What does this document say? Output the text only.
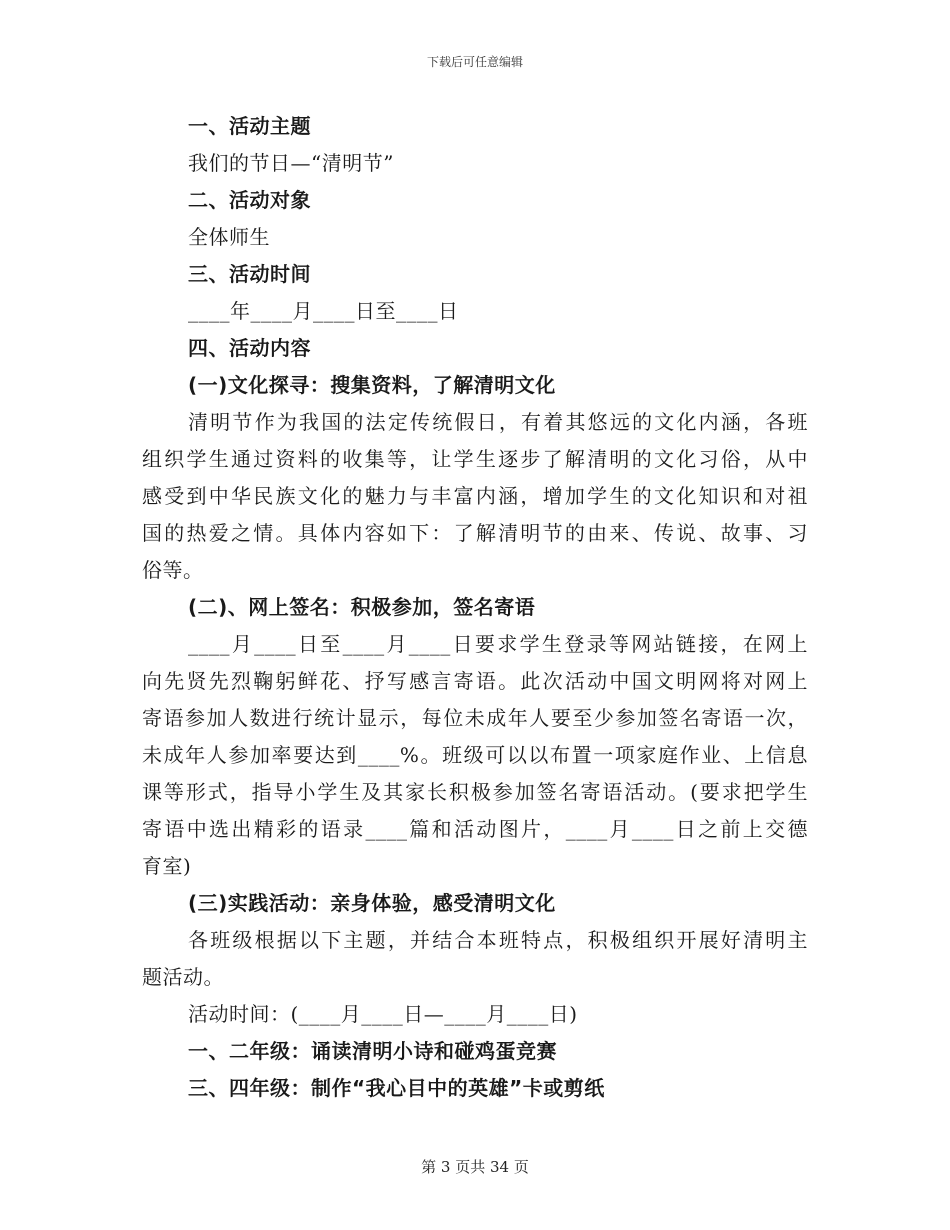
下载后可任意编辑
一、活动主题
我们的节日—“清明节”
二、活动对象
全体师生
三、活动时间
____年____月____日至____日
四、活动内容
(一)文化探寻：搜集资料，了解清明文化
清明节作为我国的法定传统假日，有着其悠远的文化内涵，各班
组织学生通过资料的收集等，让学生逐步了解清明的文化习俗，从中
感受到中华民族文化的魅力与丰富内涵，增加学生的文化知识和对祖
国的热爱之情。具体内容如下：了解清明节的由来、传说、故事、习
俗等。
(二)、网上签名：积极参加，签名寄语
____月____日至____月____日要求学生登录等网站链接，在网上
向先贤先烈鞠躬鲜花、抒写感言寄语。此次活动中国文明网将对网上
寄语参加人数进行统计显示，每位未成年人要至少参加签名寄语一次，
未成年人参加率要达到____%。班级可以以布置一项家庭作业、上信息
课等形式，指导小学生及其家长积极参加签名寄语活动。(要求把学生
寄语中选出精彩的语录____篇和活动图片，____月____日之前上交德
育室)
(三)实践活动：亲身体验，感受清明文化
各班级根据以下主题，并结合本班特点，积极组织开展好清明主
题活动。
活动时间：(____月____日—____月____日)
一、二年级：诵读清明小诗和碰鸡蛋竞赛
三、四年级：制作“我心目中的英雄”卡或剪纸
第 3 页共 34 页
